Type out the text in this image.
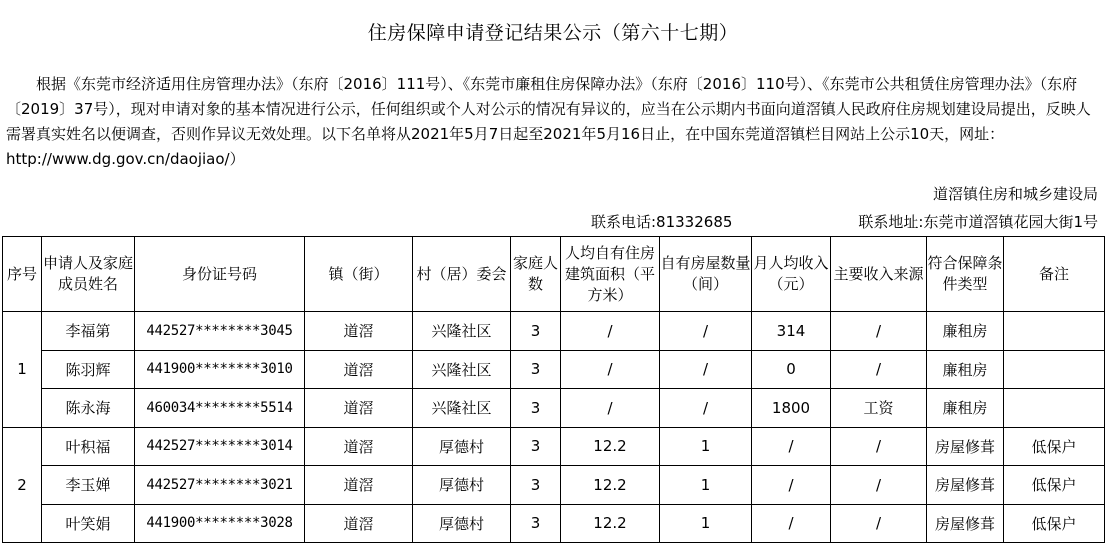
住房保障申请登记结果公示（第六十七期）
根据《东莞市经济适用住房管理办法》（东府〔2016〕111号）、《东莞市廉租住房保障办法》（东府〔2016〕110号）、《东莞市公共租赁住房管理办法》（东府〔2019〕37号），现对申请对象的基本情况进行公示，任何组织或个人对公示的情况有异议的，应当在公示期内书面向道滘镇人民政府住房规划建设局提出，反映人需署真实姓名以便调查，否则作异议无效处理。以下名单将从2021年5月7日起至2021年5月16日止，在中国东莞道滘镇栏目网站上公示10天，网址：http://www.dg.gov.cn/daojiao/）
道滘镇住房和城乡建设局
联系电话:81332685	联系地址:东莞市道滘镇花园大街1号
序号	申请人及家庭成员姓名	身份证号码	镇（街）	村（居）委会	家庭人数	人均自有住房建筑面积（平方米）	自有房屋数量（间）	月人均收入（元）	主要收入来源	符合保障条件类型	备注
1	李福第	442527********3045	道滘	兴隆社区	3	/	/	314	/	廉租房	
	陈羽辉	441900********3010	道滘	兴隆社区	3	/	/	0	/	廉租房	
	陈永海	460034********5514	道滘	兴隆社区	3	/	/	1800	工资	廉租房	
2	叶积福	442527********3014	道滘	厚德村	3	12.2	1	/	/	房屋修葺	低保户
	李玉婵	442527********3021	道滘	厚德村	3	12.2	1	/	/	房屋修葺	低保户
	叶笑娟	441900********3028	道滘	厚德村	3	12.2	1	/	/	房屋修葺	低保户
